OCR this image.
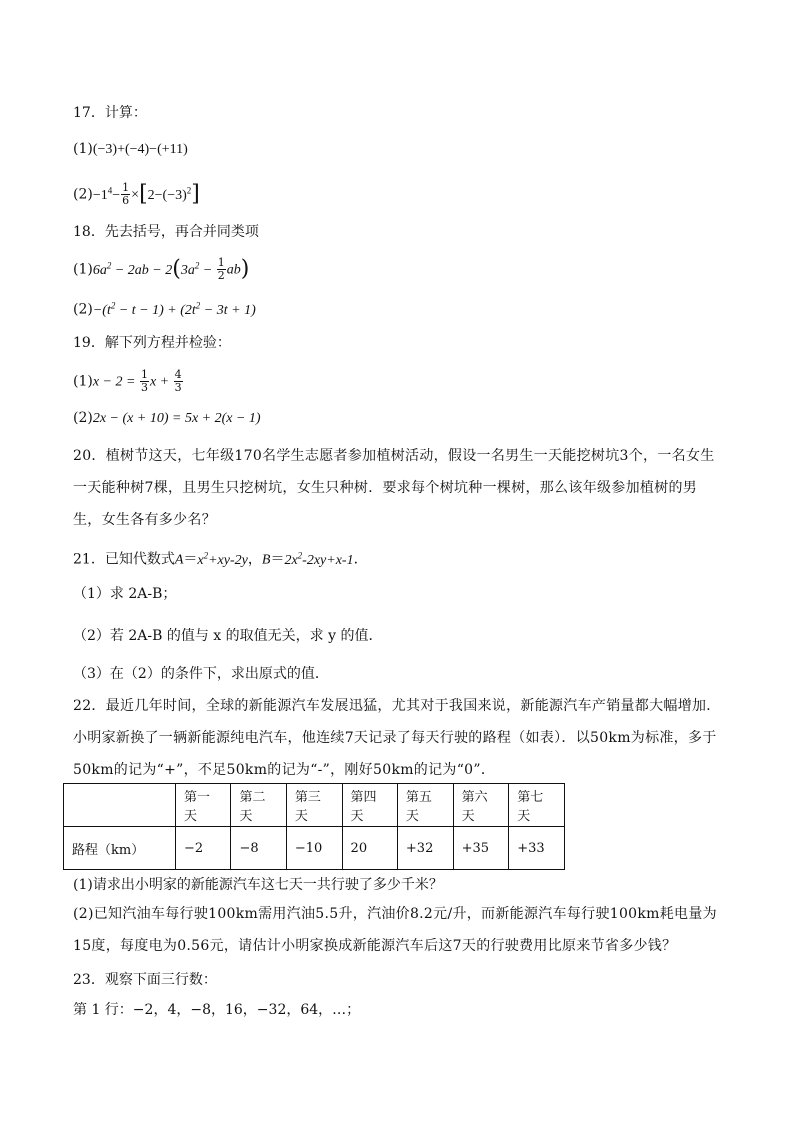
17．计算：
(1)(−3)+(−4)−(+11)
$(2)-1^4- \frac{1}{6} \times[2-(-3)^2]$
18．先去括号，再合并同类项
$(1)6a^2 - 2ab - 2(3a^2 - \frac{1}{2} ab)$
$(2)-(t^2 - t - 1) + (2t^2 - 3t + 1)$
19．解下列方程并检验：
$(1)x - 2 = \frac{1}{3}$ $x + \frac{4}{3}$
(2)2x − (x + 10) = 5x + 2(x − 1)
20．植树节这天，七年级170名学生志愿者参加植树活动，假设一名男生一天能挖树坑3个，一名女生一天能种树7棵，且男生只挖树坑，女生只种树．要求每个树坑种一棵树，那么该年级参加植树的男生，女生各有多少名？
21．已知代数式$A=x^2+xy-2y$，$B=2x^2-2xy+x-1$．
（1）求 2A-B；
（2）若 2A-B 的值与 x 的取值无关，求 y 的值．
（3）在（2）的条件下，求出原式的值．
22．最近几年时间，全球的新能源汽车发展迅猛，尤其对于我国来说，新能源汽车产销量都大幅增加．小明家新换了一辆新能源纯电汽车，他连续7天记录了每天行驶的路程（如表）．以50km为标准，多于50km的记为“+”，不足50km的记为“-”，刚好50km的记为“0”．
	第一天	第二天	第三天	第四天	第五天	第六天	第七天
路程（km）	−2	−8	−10	20	+32	+35	+33
(1)请求出小明家的新能源汽车这七天一共行驶了多少千米？
(2)已知汽油车每行驶100km需用汽油5.5升，汽油价8.2元/升，而新能源汽车每行驶100km耗电量为15度，每度电为0.56元，请估计小明家换成新能源汽车后这7天的行驶费用比原来节省多少钱？
23．观察下面三行数：
第 1 行：−2，4，−8，16，−32，64，…；
